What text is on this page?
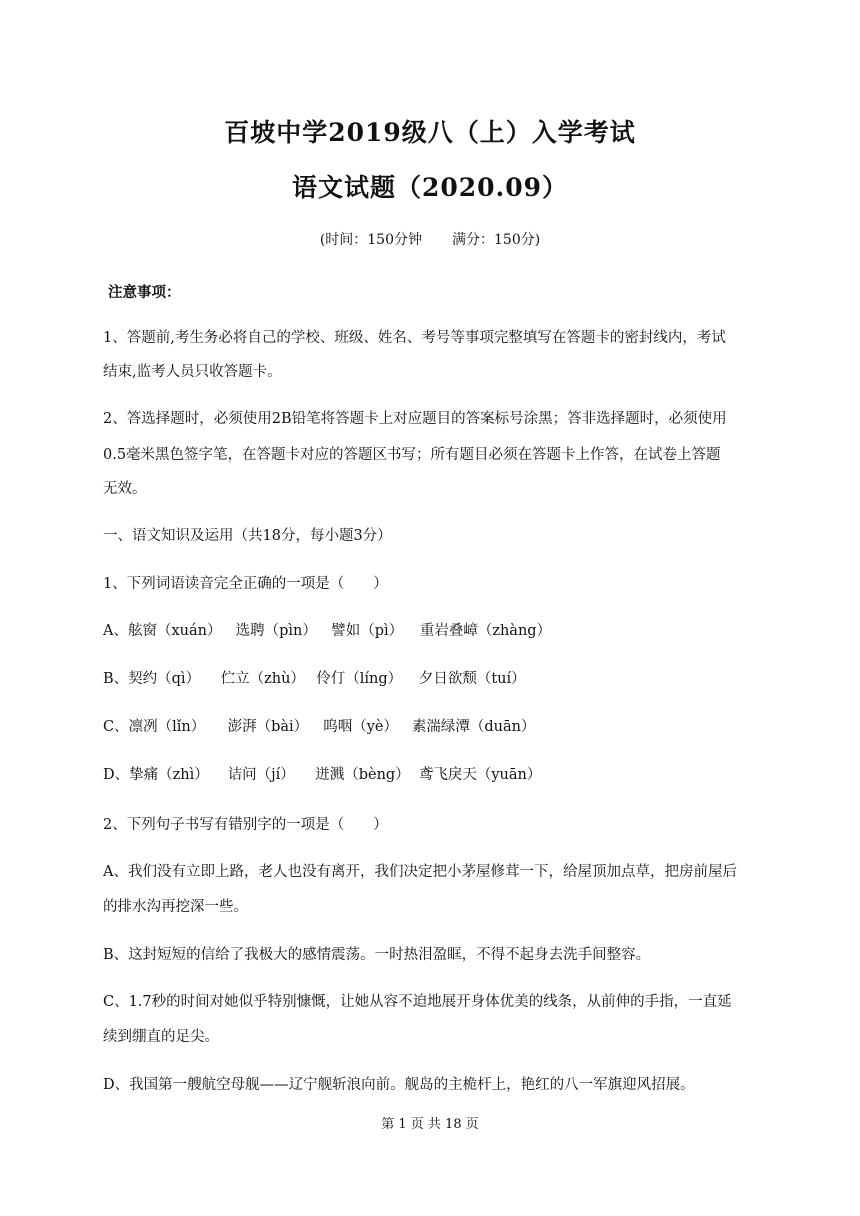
百坡中学2019级八（上）入学考试
语文试题（2020.09）
(时间：150分钟 满分：150分)
注意事项：
1、答题前,考生务必将自己的学校、班级、姓名、考号等事项完整填写在答题卡的密封线内，考试
结束,监考人员只收答题卡。
2、答选择题时，必须使用2B铅笔将答题卡上对应题目的答案标号涂黑；答非选择题时，必须使用
0.5毫米黑色签字笔，在答题卡对应的答题区书写；所有题目必须在答题卡上作答，在试卷上答题
无效。
一、语文知识及运用（共18分，每小题3分）
1、下列词语读音完全正确的一项是（　　）
A、舷窗（xuán） 选聘（pìn） 譬如（pì） 重岩叠嶂（zhàng）
B、契约（qì） 伫立（zhù） 伶仃（líng） 夕日欲颓（tuí）
C、凛冽（lǐn） 澎湃（bài） 呜咽（yè） 素湍绿潭（duān）
D、挚痛（zhì） 诘问（jí） 迸溅（bèng） 鸢飞戾天（yuān）
2、下列句子书写有错别字的一项是（　　）
A、我们没有立即上路，老人也没有离开，我们决定把小茅屋修茸一下，给屋顶加点草，把房前屋后
的排水沟再挖深一些。
B、这封短短的信给了我极大的感情震荡。一时热泪盈眶，不得不起身去洗手间整容。
C、1.7秒的时间对她似乎特别慷慨，让她从容不迫地展开身体优美的线条，从前伸的手指，一直延
续到绷直的足尖。
D、我国第一艘航空母舰——辽宁舰斩浪向前。舰岛的主桅杆上，艳红的八一军旗迎风招展。
第 1 页 共 18 页
